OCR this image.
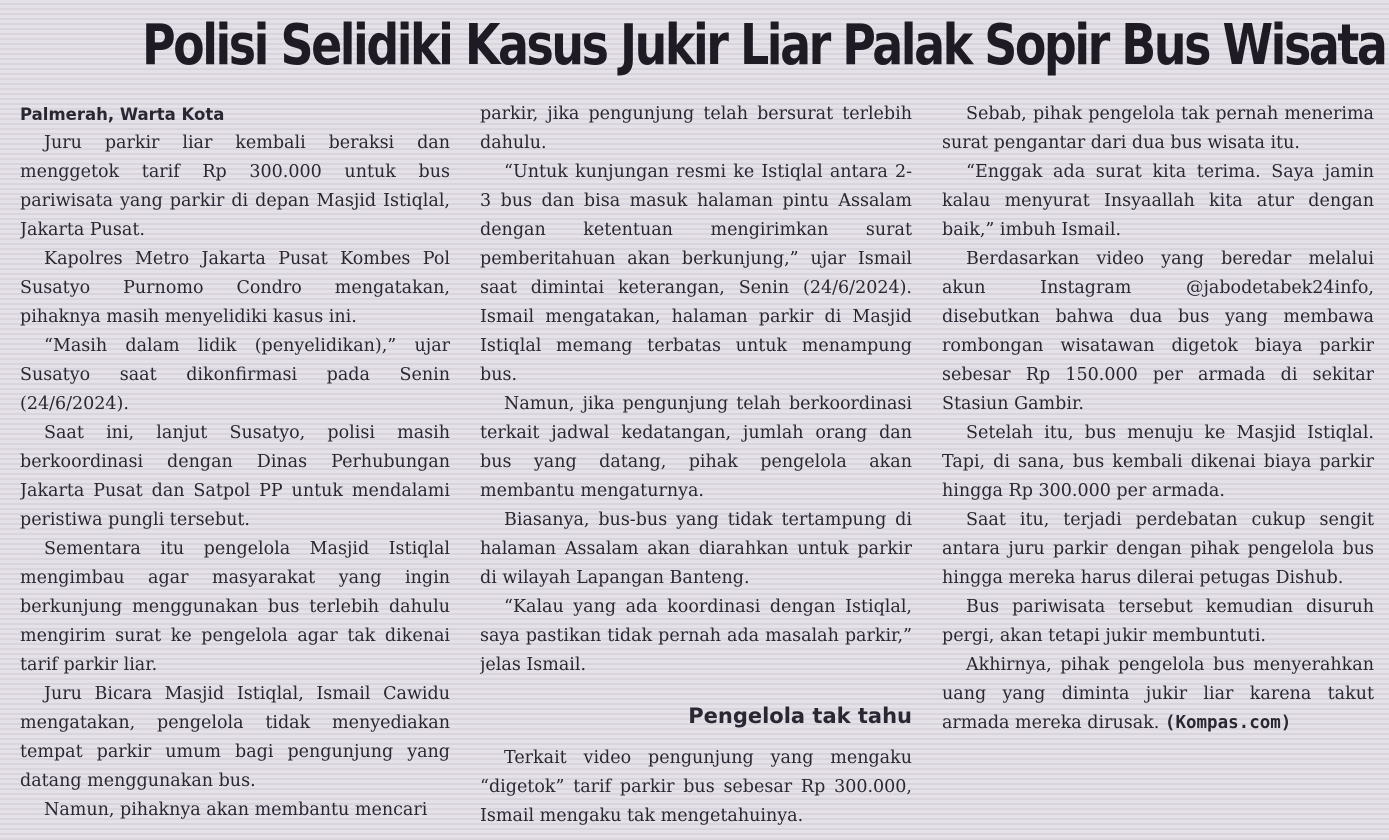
Polisi Selidiki Kasus Jukir Liar Palak Sopir Bus Wisata
Palmerah, Warta Kota

Juru parkir liar kembali beraksi dan menggetok tarif Rp 300.000 untuk bus pariwisata yang parkir di depan Masjid Istiqlal, Jakarta Pusat.

Kapolres Metro Jakarta Pusat Kombes Pol Susatyo Purnomo Condro mengatakan, pihaknya masih menyelidiki kasus ini.

“Masih dalam lidik (penyelidikan),” ujar Susatyo saat dikonfirmasi pada Senin (24/6/2024).

Saat ini, lanjut Susatyo, polisi masih berkoordinasi dengan Dinas Perhubungan Jakarta Pusat dan Satpol PP untuk mendalami peristiwa pungli tersebut.

Sementara itu pengelola Masjid Istiqlal mengimbau agar masyarakat yang ingin berkunjung menggunakan bus terlebih dahulu mengirim surat ke pengelola agar tak dikenai tarif parkir liar.

Juru Bicara Masjid Istiqlal, Ismail Cawidu mengatakan, pengelola tidak menyediakan tempat parkir umum bagi pengunjung yang datang menggunakan bus.

Namun, pihaknya akan membantu mencari

parkir, jika pengunjung telah bersurat terlebih dahulu.

“Untuk kunjungan resmi ke Istiqlal antara 2-3 bus dan bisa masuk halaman pintu Assalam dengan ketentuan mengirimkan surat pemberitahuan akan berkunjung,” ujar Ismail saat dimintai keterangan, Senin (24/6/2024). Ismail mengatakan, halaman parkir di Masjid Istiqlal memang terbatas untuk menampung bus.

Namun, jika pengunjung telah berkoordinasi terkait jadwal kedatangan, jumlah orang dan bus yang datang, pihak pengelola akan membantu mengaturnya.

Biasanya, bus-bus yang tidak tertampung di halaman Assalam akan diarahkan untuk parkir di wilayah Lapangan Banteng.

“Kalau yang ada koordinasi dengan Istiqlal, saya pastikan tidak pernah ada masalah parkir,” jelas Ismail.

Pengelola tak tahu

Terkait video pengunjung yang mengaku “digetok” tarif parkir bus sebesar Rp 300.000, Ismail mengaku tak mengetahuinya.

Sebab, pihak pengelola tak pernah menerima surat pengantar dari dua bus wisata itu.

“Enggak ada surat kita terima. Saya jamin kalau menyurat Insyaallah kita atur dengan baik,” imbuh Ismail.

Berdasarkan video yang beredar melalui akun Instagram @jabodetabek24info, disebutkan bahwa dua bus yang membawa rombongan wisatawan digetok biaya parkir sebesar Rp 150.000 per armada di sekitar Stasiun Gambir.

Setelah itu, bus menuju ke Masjid Istiqlal. Tapi, di sana, bus kembali dikenai biaya parkir hingga Rp 300.000 per armada.

Saat itu, terjadi perdebatan cukup sengit antara juru parkir dengan pihak pengelola bus hingga mereka harus dilerai petugas Dishub.

Bus pariwisata tersebut kemudian disuruh pergi, akan tetapi jukir membuntuti.

Akhirnya, pihak pengelola bus menyerahkan uang yang diminta jukir liar karena takut armada mereka dirusak. (Kompas.com)
